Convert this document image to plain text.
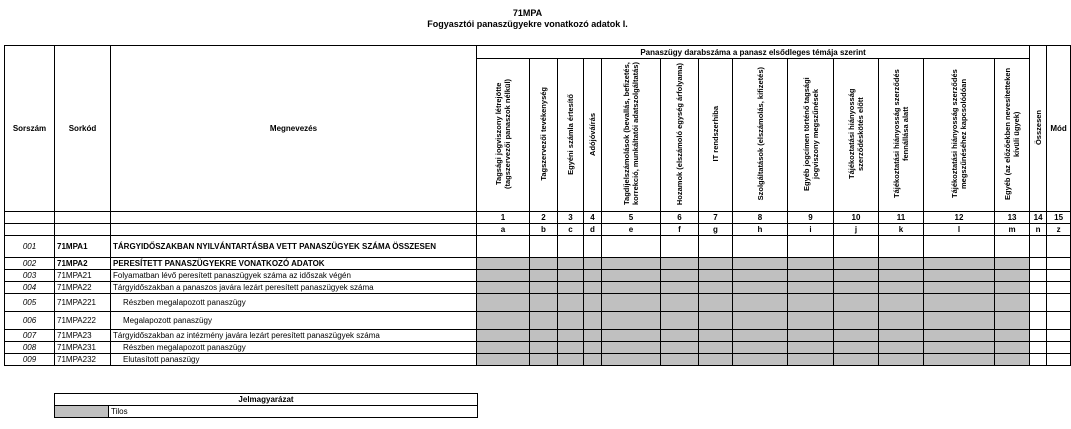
71MPA
Fogyasztói panaszügyekre vonatkozó adatok I.
Sorszám	Sorkód	Megnevezés	Panaszügy darabszáma a panasz elsődleges témája szerint													Összesen	Mód
			Tagsági jogviszony létrejötte (tagszervezői panaszok nélkül)	Tagszervezői tevékenység	Egyéni számla értesítő	Adójóváírás	Tagdíjelszámolások (bevallás, befizetés, korrekció, munkáltatói adatszolgáltatás)	Hozamok (elszámoló egység árfolyama)	IT rendszerhiba	Szolgáltatások (elszámolás, kifizetés)	Egyéb jogcímen történő tagsági jogviszony megszűnések	Tájékoztatási hiányosság szerződéskötés előtt	Tájékoztatási hiányosság szerződés fennállása alatt	Tájékoztatási hiányosság szerződés megszűnéséhez kapcsolódóan	Egyéb (az előzőekben nevesítetteken kívüli ügyek)		
			1	2	3	4	5	6	7	8	9	10	11	12	13	14	15
			a	b	c	d	e	f	g	h	i	j	k	l	m	n	z
001	71MPA1	TÁRGYIDŐSZAKBAN NYILVÁNTARTÁSBA VETT PANASZÜGYEK SZÁMA ÖSSZESEN															
002	71MPA2	PERESÍTETT PANASZÜGYEKRE VONATKOZÓ ADATOK															
003	71MPA21	Folyamatban lévő peresített panaszügyek száma az időszak végén															
004	71MPA22	Tárgyidőszakban a panaszos javára lezárt peresített panaszügyek száma															
005	71MPA221	Részben megalapozott panaszügy															
006	71MPA222	Megalapozott panaszügy															
007	71MPA23	Tárgyidőszakban az intézmény javára lezárt peresített panaszügyek száma															
008	71MPA231	Részben megalapozott panaszügy															
009	71MPA232	Elutasított panaszügy															
Jelmagyarázat
	Tilos
